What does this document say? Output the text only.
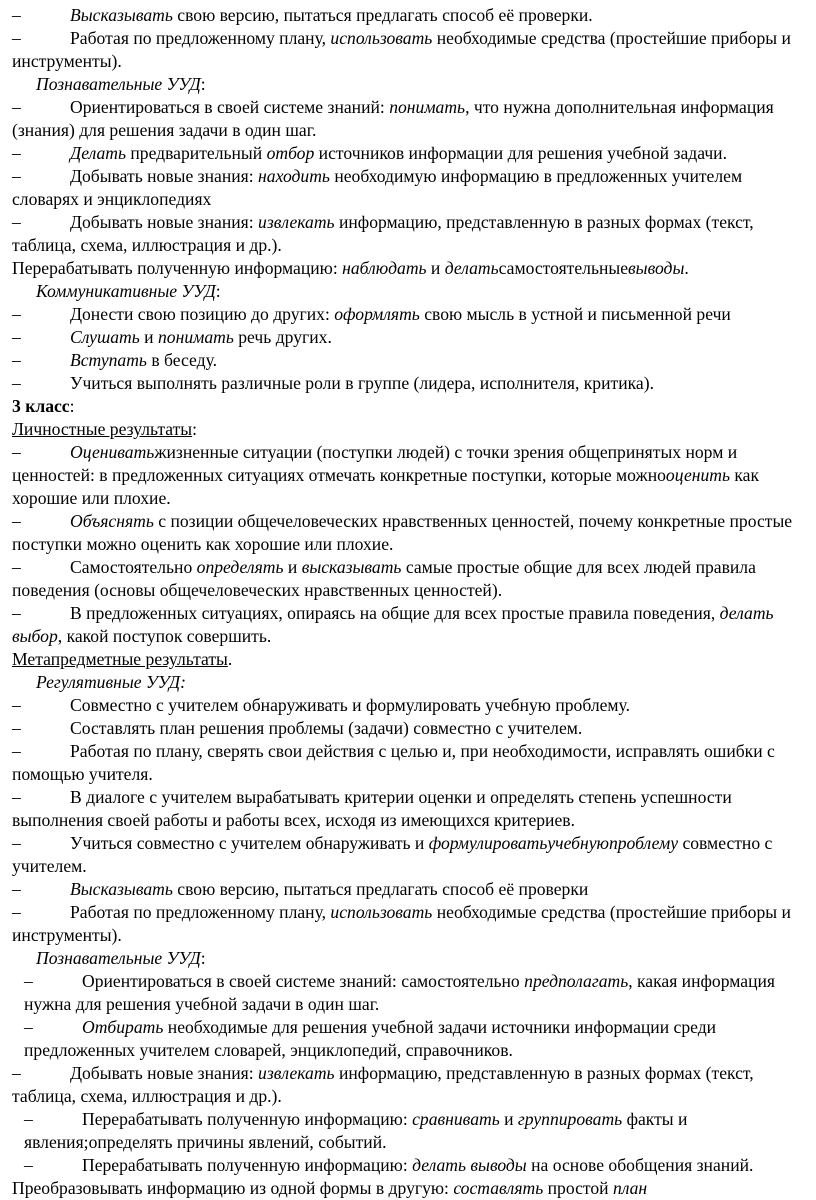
–	Высказывать свою версию, пытаться предлагать способ её проверки.
–	Работая по предложенному плану, использовать необходимые средства (простейшие приборы и инструменты).
Познавательные УУД:
–	Ориентироваться в своей системе знаний: понимать, что нужна дополнительная информация (знания) для решения задачи в один шаг.
–	Делать предварительный отбор источников информации для решения учебной задачи.
–	Добывать новые знания: находить необходимую информацию в предложенных учителем словарях и энциклопедиях
–	Добывать новые знания: извлекать информацию, представленную в разных формах (текст, таблица, схема, иллюстрация и др.).
Перерабатывать полученную информацию: наблюдать и делатьсамостоятельныевыводы.
Коммуникативные УУД:
–	Донести свою позицию до других: оформлять свою мысль в устной и письменной речи
–	Слушать и понимать речь других.
–	Вступать в беседу.
–	Учиться выполнять различные роли в группе (лидера, исполнителя, критика).
3 класс:
Личностные результаты:
–	Оцениватьжизненные ситуации (поступки людей) с точки зрения общепринятых норм и ценностей: в предложенных ситуациях отмечать конкретные поступки, которые можнооценить как хорошие или плохие.
–	Объяснять с позиции общечеловеческих нравственных ценностей, почему конкретные простые поступки можно оценить как хорошие или плохие.
–	Самостоятельно определять и высказывать самые простые общие для всех людей правила поведения (основы общечеловеческих нравственных ценностей).
–	В предложенных ситуациях, опираясь на общие для всех простые правила поведения, делать выбор, какой поступок совершить.
Метапредметные результаты.
Регулятивные УУД:
–	Совместно с учителем обнаруживать и формулировать учебную проблему.
–	Составлять план решения проблемы (задачи) совместно с учителем.
–	Работая по плану, сверять свои действия с целью и, при необходимости, исправлять ошибки с помощью учителя.
–	В диалоге с учителем вырабатывать критерии оценки и определять степень успешности выполнения своей работы и работы всех, исходя из имеющихся критериев.
–	Учиться совместно с учителем обнаруживать и формулироватьучебнуюпроблему совместно с учителем.
–	Высказывать свою версию, пытаться предлагать способ её проверки
–	Работая по предложенному плану, использовать необходимые средства (простейшие приборы и инструменты).
Познавательные УУД:
–	Ориентироваться в своей системе знаний: самостоятельно предполагать, какая информация нужна для решения учебной задачи в один шаг.
–	Отбирать необходимые для решения учебной задачи источники информации среди предложенных учителем словарей, энциклопедий, справочников.
–	Добывать новые знания: извлекать информацию, представленную в разных формах (текст, таблица, схема, иллюстрация и др.).
–	Перерабатывать полученную информацию: сравнивать и группировать факты и явления;определять причины явлений, событий.
–	Перерабатывать полученную информацию: делать выводы на основе обобщения знаний.
Преобразовывать информацию из одной формы в другую: составлять простой план
